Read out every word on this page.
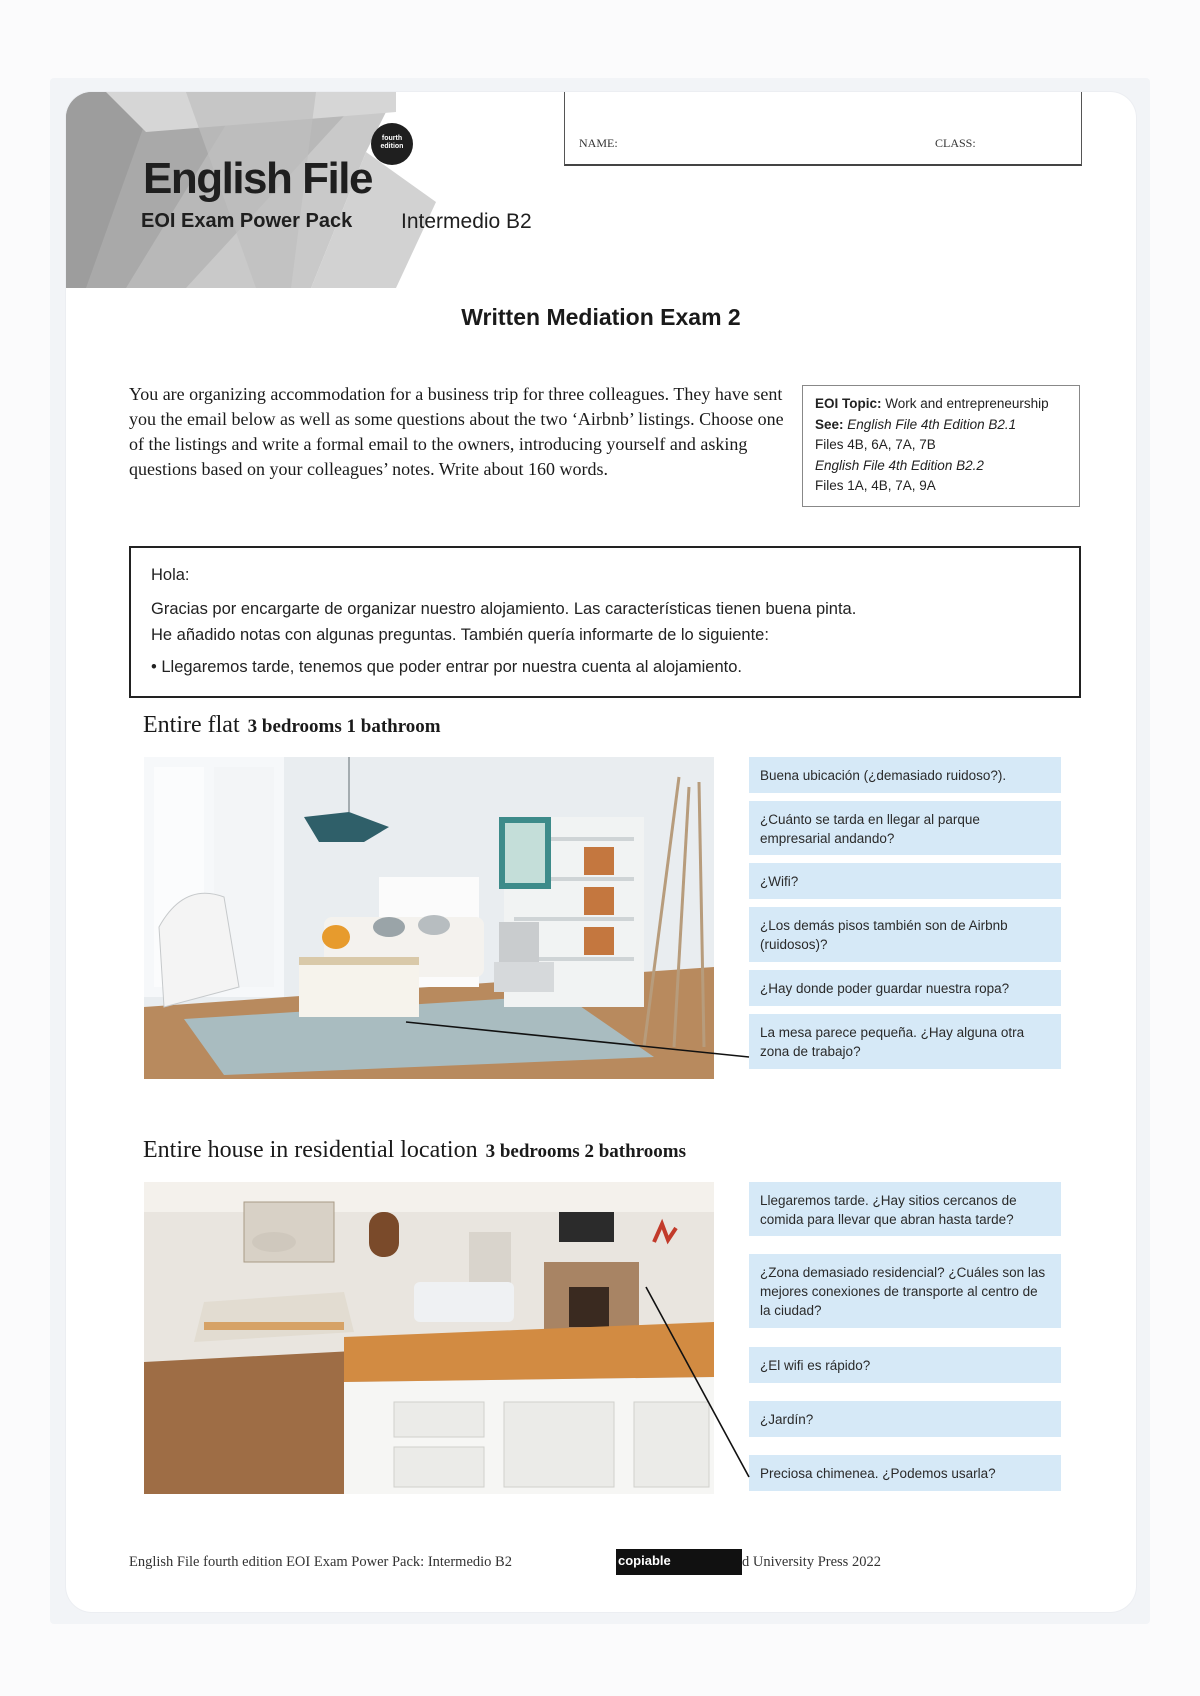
English File
fourth
edition
EOI Exam Power Pack Intermedio B2
NAME:	CLASS:
Written Mediation Exam 2
You are organizing accommodation for a business trip for three colleagues. They have sent you the email below as well as some questions about the two ‘Airbnb’ listings. Choose one of the listings and write a formal email to the owners, introducing yourself and asking questions based on your colleagues’ notes. Write about 160 words.
EOI Topic: Work and entrepreneurship
See: English File 4th Edition B2.1
Files 4B, 6A, 7A, 7B
English File 4th Edition B2.2
Files 1A, 4B, 7A, 9A

Hola:

Gracias por encargarte de organizar nuestro alojamiento. Las características tienen buena pinta.

He añadido notas con algunas preguntas. También quería informarte de lo siguiente:

• Llegaremos tarde, tenemos que poder entrar por nuestra cuenta al alojamiento.

Entire flat 3 bedrooms 1 bathroom
Buena ubicación (¿demasiado ruidoso?).
¿Cuánto se tarda en llegar al parque empresarial andando?
¿Wifi?
¿Los demás pisos también son de Airbnb (ruidosos)?
¿Hay donde poder guardar nuestra ropa?
La mesa parece pequeña. ¿Hay alguna otra zona de trabajo?
Entire house in residential location 3 bedrooms 2 bathrooms
Llegaremos tarde. ¿Hay sitios cercanos de comida para llevar que abran hasta tarde?
¿Zona demasiado residencial? ¿Cuáles son las mejores conexiones de transporte al centro de la ciudad?
¿El wifi es rápido?
¿Jardín?
Preciosa chimenea. ¿Podemos usarla?
English File fourth edition EOI Exam Power Pack: Intermedio B2	copiable	d University Press 2022
